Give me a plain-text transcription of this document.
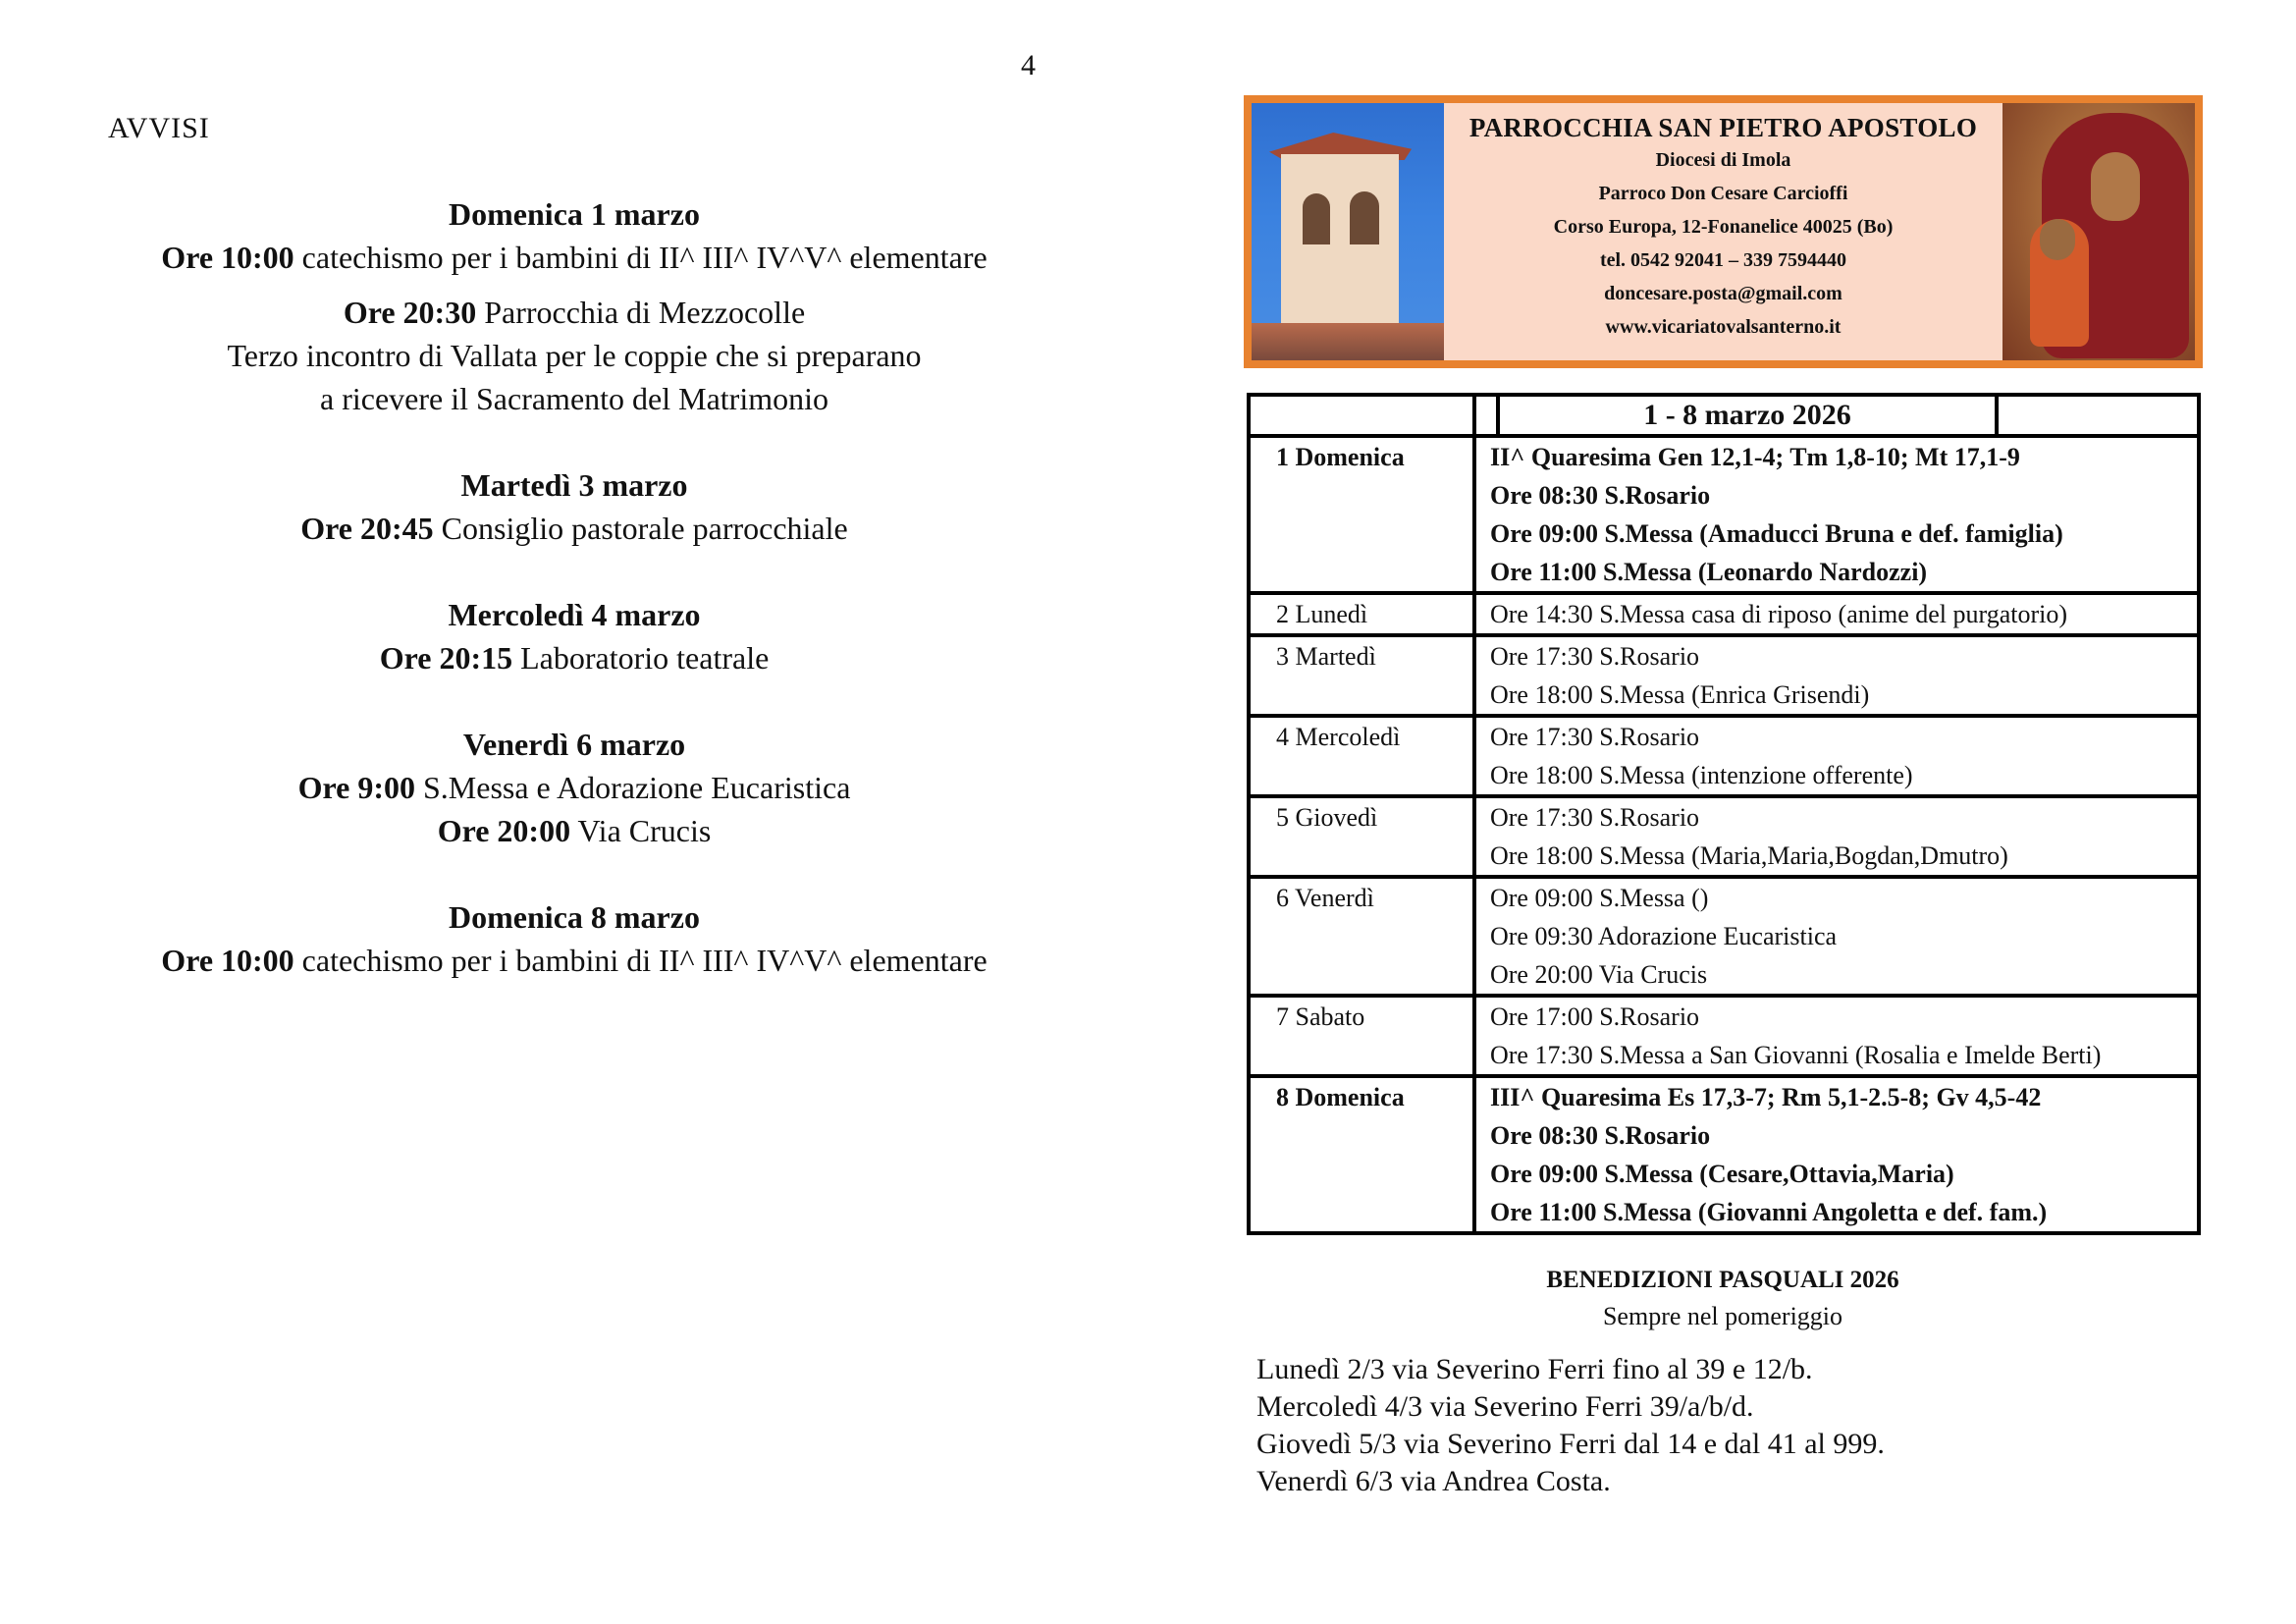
4
AVVISI
Domenica 1 marzo
Ore 10:00 catechismo per i bambini di II^ III^ IV^V^ elementare
Ore 20:30 Parrocchia di Mezzocolle
Terzo incontro di Vallata per le coppie che si preparano
a ricevere il Sacramento del Matrimonio
Martedì 3 marzo
Ore 20:45 Consiglio pastorale parrocchiale
Mercoledì 4 marzo
Ore 20:15 Laboratorio teatrale
Venerdì 6 marzo
Ore 9:00 S.Messa e Adorazione Eucaristica
Ore 20:00 Via Crucis
Domenica 8 marzo
Ore 10:00 catechismo per i bambini di II^ III^ IV^V^ elementare
PARROCCHIA SAN PIETRO APOSTOLO
Diocesi di Imola
Parroco Don Cesare Carcioffi
Corso Europa, 12-Fonanelice 40025 (Bo)
tel. 0542 92041 – 339 7594440
doncesare.posta@gmail.com
www.vicariatovalsanterno.it

	1 - 8 marzo 2026

1 Domenica	II^ Quaresima Gen 12,1-4; Tm 1,8-10; Mt 17,1-9
Ore 08:30 S.Rosario
Ore 09:00 S.Messa (Amaducci Bruna e def. famiglia)
Ore 11:00 S.Messa (Leonardo Nardozzi)

2 Lunedì	Ore 14:30 S.Messa casa di riposo (anime del purgatorio)

3 Martedì	Ore 17:30 S.Rosario
Ore 18:00 S.Messa (Enrica Grisendi)

4 Mercoledì	Ore 17:30 S.Rosario
Ore 18:00 S.Messa (intenzione offerente)

5 Giovedì	Ore 17:30 S.Rosario
Ore 18:00 S.Messa (Maria,Maria,Bogdan,Dmutro)

6 Venerdì	Ore 09:00 S.Messa ()
Ore 09:30 Adorazione Eucaristica
Ore 20:00 Via Crucis

7 Sabato	Ore 17:00 S.Rosario
Ore 17:30 S.Messa a San Giovanni (Rosalia e Imelde Berti)

8 Domenica	III^ Quaresima Es 17,3-7; Rm 5,1-2.5-8; Gv 4,5-42
Ore 08:30 S.Rosario
Ore 09:00 S.Messa (Cesare,Ottavia,Maria)
Ore 11:00 S.Messa (Giovanni Angoletta e def. fam.)
BENEDIZIONI PASQUALI 2026
Sempre nel pomeriggio
Lunedì 2/3 via Severino Ferri fino al 39 e 12/b.
Mercoledì 4/3 via Severino Ferri 39/a/b/d.
Giovedì 5/3 via Severino Ferri dal 14 e dal 41 al 999.
Venerdì 6/3 via Andrea Costa.
